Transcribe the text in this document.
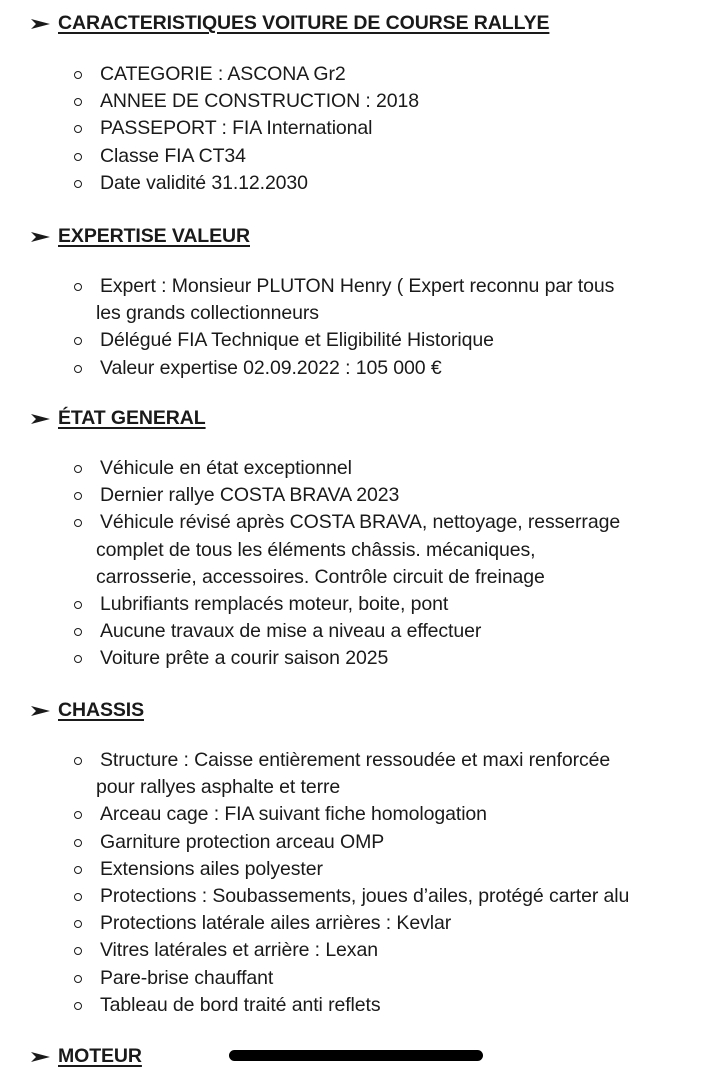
CARACTERISTIQUES VOITURE DE COURSE RALLYE
CATEGORIE : ASCONA Gr2
ANNEE DE CONSTRUCTION : 2018
PASSEPORT : FIA International
Classe FIA CT34
Date validité 31.12.2030
EXPERTISE VALEUR
Expert : Monsieur PLUTON Henry ( Expert reconnu par tous
les grands collectionneurs
Délégué FIA Technique et Eligibilité Historique
Valeur expertise 02.09.2022 : 105 000 €
ÉTAT GENERAL
Véhicule en état exceptionnel
Dernier rallye COSTA BRAVA 2023
Véhicule révisé après COSTA BRAVA, nettoyage, resserrage
complet de tous les éléments châssis. mécaniques,
carrosserie, accessoires. Contrôle circuit de freinage
Lubrifiants remplacés moteur, boite, pont
Aucune travaux de mise a niveau a effectuer
Voiture prête a courir saison 2025
CHASSIS
Structure : Caisse entièrement ressoudée et maxi renforcée
pour rallyes asphalte et terre
Arceau cage : FIA suivant fiche homologation
Garniture protection arceau OMP
Extensions ailes polyester
Protections : Soubassements, joues d’ailes, protégé carter alu
Protections latérale ailes arrières : Kevlar
Vitres latérales et arrière : Lexan
Pare-brise chauffant
Tableau de bord traité anti reflets
MOTEUR
